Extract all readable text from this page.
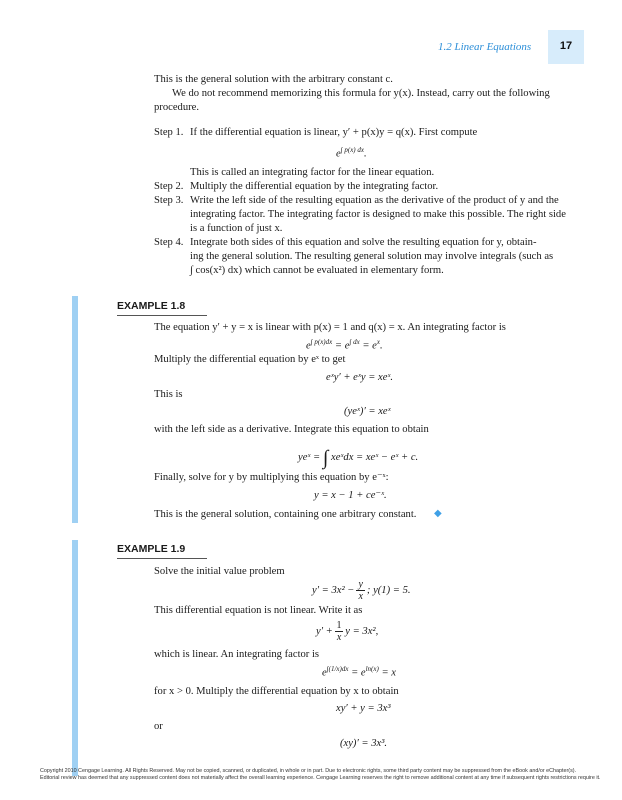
1.2 Linear Equations	17
This is the general solution with the arbitrary constant c.
We do not recommend memorizing this formula for y(x). Instead, carry out the following
procedure.
Step 1. If the differential equation is linear, y′ + p(x)y = q(x). First compute
$e^{\int p(x) dx}$.
This is called an integrating factor for the linear equation.
Step 2. Multiply the differential equation by the integrating factor.
Step 3. Write the left side of the resulting equation as the derivative of the product of y and the
integrating factor. The integrating factor is designed to make this possible. The right side
is a function of just x.
Step 4. Integrate both sides of this equation and solve the resulting equation for y, obtain-
ing the general solution. The resulting general solution may involve integrals (such as
∫ cos(x²) dx) which cannot be evaluated in elementary form.
EXAMPLE 1.8
The equation y′ + y = x is linear with p(x) = 1 and q(x) = x. An integrating factor is
$e^{\int p(x)dx} = e^{\int dx} = e^x$.
Multiply the differential equation by eˣ to get
eˣy′ + eˣy = xeˣ.
This is
(yeˣ)′ = xeˣ
with the left side as a derivative. Integrate this equation to obtain
yeˣ = ∫ xeˣdx = xeˣ − eˣ + c.
Finally, solve for y by multiplying this equation by e⁻ˣ:
y = x − 1 + ce⁻ˣ.
This is the general solution, containing one arbitrary constant. ◆
EXAMPLE 1.9
Solve the initial value problem
$y' = 3x^2 - \frac{y}{x}$ ; y(1) = 5.
This differential equation is not linear. Write it as
$y' + \frac{1}{x}$ y = 3x²,
which is linear. An integrating factor is
$e^{\int(1/x)dx} = e^{ln(x)} = x$
for x > 0. Multiply the differential equation by x to obtain
xy′ + y = 3x³
or
(xy)′ = 3x³.
Copyright 2010 Cengage Learning. All Rights Reserved. May not be copied, scanned, or duplicated, in whole or in part. Due to electronic rights, some third party content may be suppressed from the eBook and/or eChapter(s).
Editorial review has deemed that any suppressed content does not materially affect the overall learning experience. Cengage Learning reserves the right to remove additional content at any time if subsequent rights restrictions require it.
